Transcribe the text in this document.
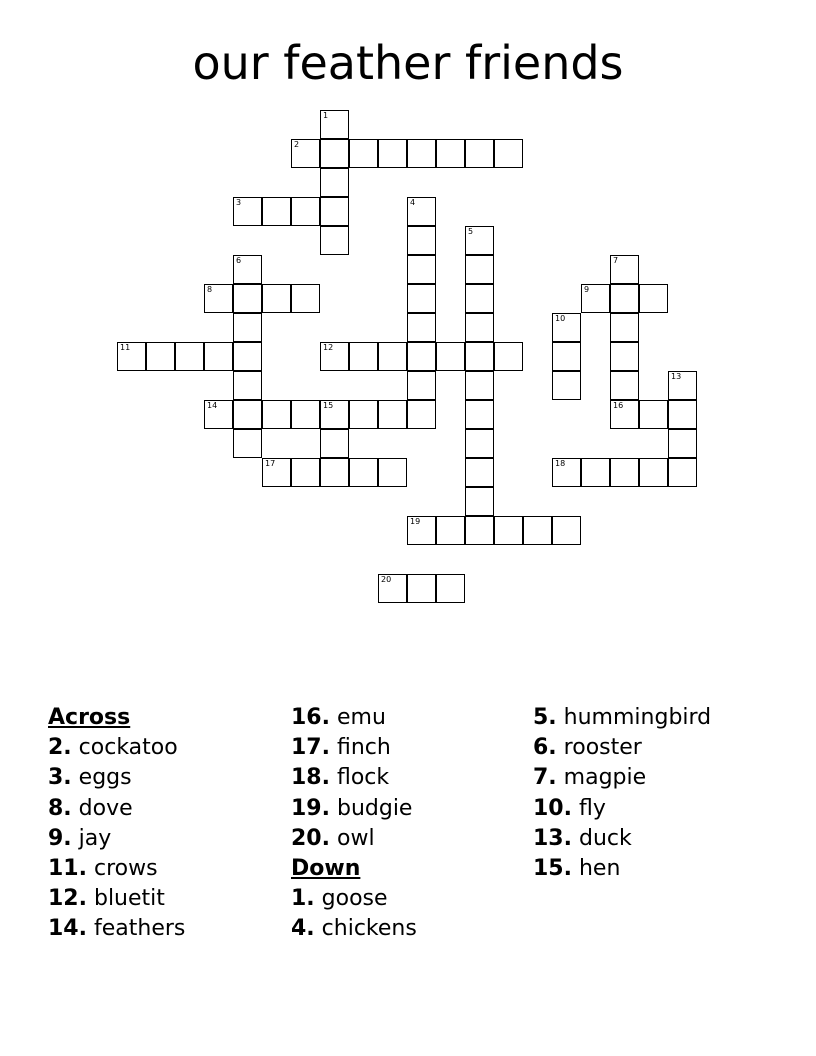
our feather friends
1
2
3	4
5
6	7
16
8	9
10
11	12
13
14	15
17	18
19
20
Across
2. cockatoo
3. eggs
8. dove
9. jay
11. crows
12. bluetit
14. feathers
16. emu
17. finch
18. flock
19. budgie
20. owl
Down
1. goose
4. chickens
5. hummingbird
6. rooster
7. magpie
10. fly
13. duck
15. hen
